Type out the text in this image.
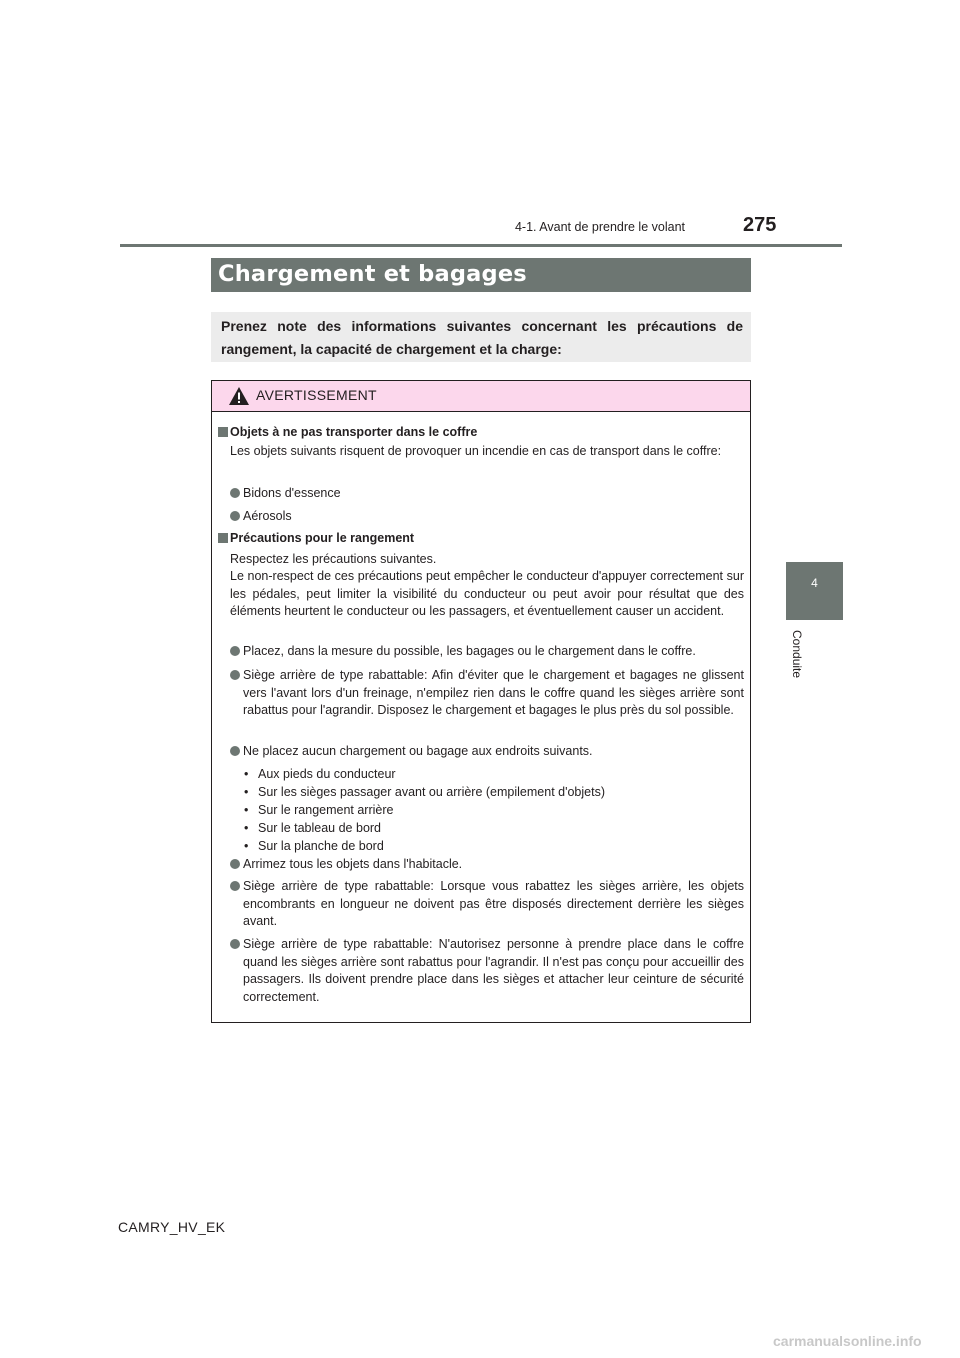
4-1. Avant de prendre le volant	275
4
Conduite
Chargement et bagages

Prenez note des informations suivantes concernant les précautions de rangement, la capacité de chargement et la charge:

AVERTISSEMENT
Objets à ne pas transporter dans le coffre
Les objets suivants risquent de provoquer un incendie en cas de transport dans le coffre:
Bidons d'essence
Aérosols
Précautions pour le rangement
Respectez les précautions suivantes.
Le non-respect de ces précautions peut empêcher le conducteur d'appuyer correctement sur les pédales, peut limiter la visibilité du conducteur ou peut avoir pour résultat que des éléments heurtent le conducteur ou les passagers, et éventuellement causer un accident.
Placez, dans la mesure du possible, les bagages ou le chargement dans le coffre.
Siège arrière de type rabattable: Afin d'éviter que le chargement et bagages ne glissent vers l'avant lors d'un freinage, n'empilez rien dans le coffre quand les sièges arrière sont rabattus pour l'agrandir. Disposez le chargement et bagages le plus près du sol possible.
Ne placez aucun chargement ou bagage aux endroits suivants.
• Aux pieds du conducteur
• Sur les sièges passager avant ou arrière (empilement d'objets)
• Sur le rangement arrière
• Sur le tableau de bord
• Sur la planche de bord
Arrimez tous les objets dans l'habitacle.
Siège arrière de type rabattable: Lorsque vous rabattez les sièges arrière, les objets encombrants en longueur ne doivent pas être disposés directement derrière les sièges avant.
Siège arrière de type rabattable: N'autorisez personne à prendre place dans le coffre quand les sièges arrière sont rabattus pour l'agrandir. Il n'est pas conçu pour accueillir des passagers. Ils doivent prendre place dans les sièges et attacher leur ceinture de sécurité correctement.
CAMRY_HV_EK
carmanualsonline.info
